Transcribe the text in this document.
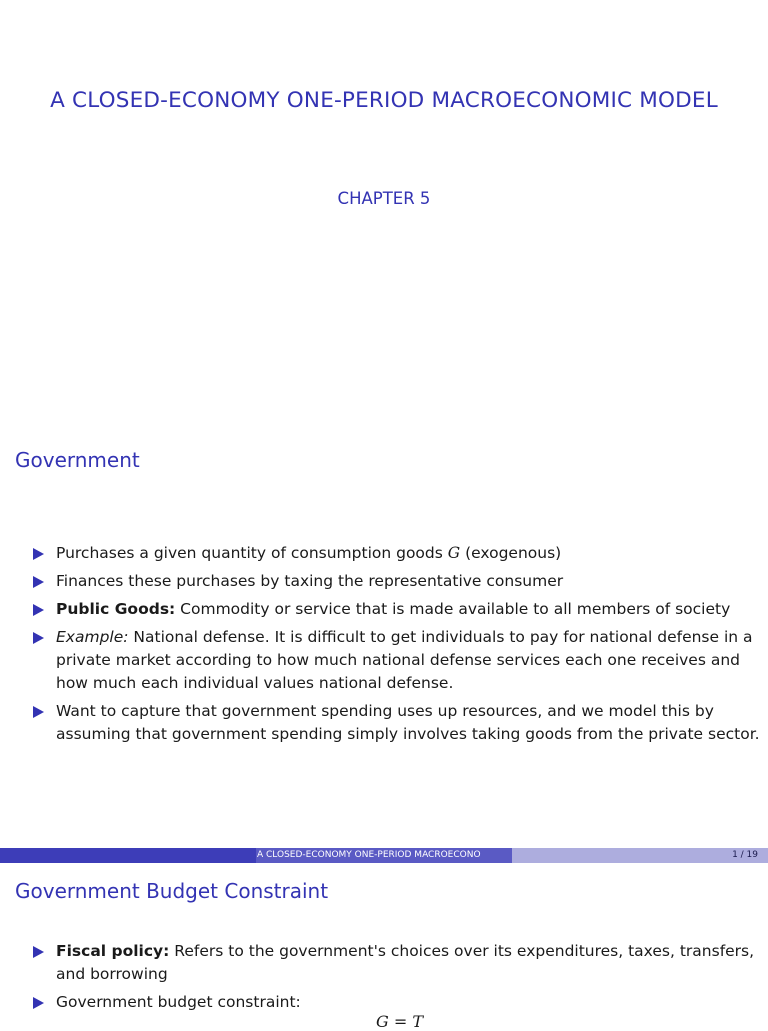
A CLOSED-ECONOMY ONE-PERIOD MACROECONOMIC MODEL
CHAPTER 5
Government
Purchases a given quantity of consumption goods G (exogenous)
Finances these purchases by taxing the representative consumer
Public Goods: Commodity or service that is made available to all members of society
Example: National defense. It is difficult to get individuals to pay for national defense in a private market according to how much national defense services each one receives and how much each individual values national defense.
Want to capture that government spending uses up resources, and we model this by assuming that government spending simply involves taking goods from the private sector.
A CLOSED-ECONOMY ONE-PERIOD MACROECONO	1 / 19
Government Budget Constraint
Fiscal policy: Refers to the government's choices over its expenditures, taxes, transfers, and borrowing
Government budget constraint:
G = T
